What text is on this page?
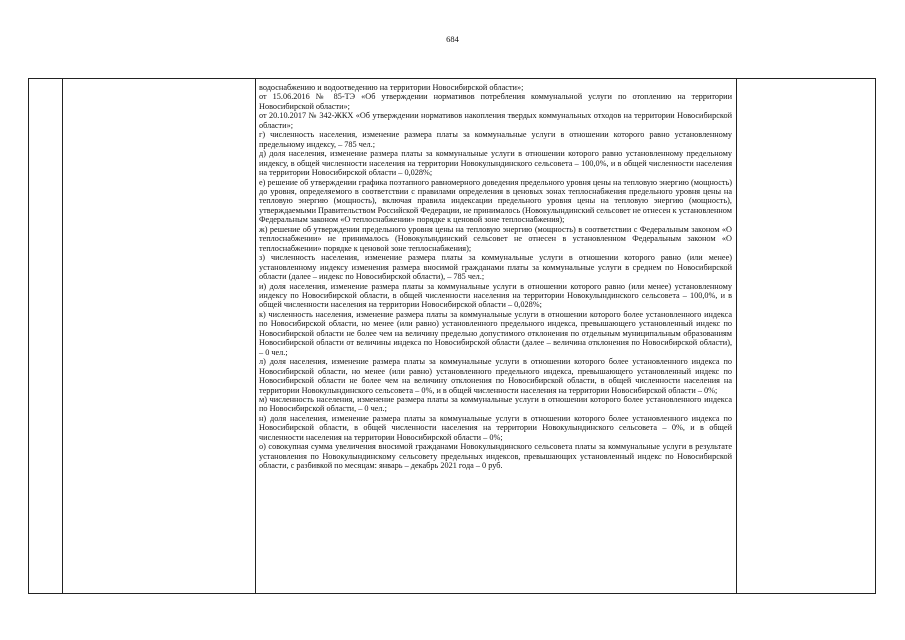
684

водоснабжению и водоотведению на территории Новосибирской области»;

от 15.06.2016 № 85-ТЭ «Об утверждении нормативов потребления коммунальной услуги по отоплению на территории Новосибирской области»;

от 20.10.2017 № 342-ЖКХ «Об утверждении нормативов накопления твердых коммунальных отходов на территории Новосибирской области»;

г) численность населения, изменение размера платы за коммунальные услуги в отношении которого равно установленному предельному индексу, – 785 чел.;

д) доля населения, изменение размера платы за коммунальные услуги в отношении которого равно установленному предельному индексу, в общей численности населения на территории Новокулындинского сельсовета – 100,0%, и в общей численности населения на территории Новосибирской области – 0,028%;

е) решение об утверждении графика поэтапного равномерного доведения предельного уровня цены на тепловую энергию (мощность) до уровня, определяемого в соответствии с правилами определения в ценовых зонах теплоснабжения предельного уровня цены на тепловую энергию (мощность), включая правила индексации предельного уровня цены на тепловую энергию (мощность), утверждаемыми Правительством Российской Федерации, не принималось (Новокулындинский сельсовет не отнесен к установленном Федеральным законом «О теплоснабжении» порядке к ценовой зоне теплоснабжения);

ж) решение об утверждении предельного уровня цены на тепловую энергию (мощность) в соответствии с Федеральным законом «О теплоснабжении» не принималось (Новокулындинский сельсовет не отнесен в установленном Федеральным законом «О теплоснабжении» порядке к ценовой зоне теплоснабжения);

з) численность населения, изменение размера платы за коммунальные услуги в отношении которого равно (или менее) установленному индексу изменения размера вносимой гражданами платы за коммунальные услуги в среднем по Новосибирской области (далее – индекс по Новосибирской области), – 785 чел.;

и) доля населения, изменение размера платы за коммунальные услуги в отношении которого равно (или менее) установленному индексу по Новосибирской области, в общей численности населения на территории Новокулындинского сельсовета – 100,0%, и в общей численности населения на территории Новосибирской области – 0,028%;

к) численность населения, изменение размера платы за коммунальные услуги в отношении которого более установленного индекса по Новосибирской области, но менее (или равно) установленного предельного индекса, превышающего установленный индекс по Новосибирской области не более чем на величину предельно допустимого отклонения по отдельным муниципальным образованиям Новосибирской области от величины индекса по Новосибирской области (далее – величина отклонения по Новосибирской области), – 0 чел.;

л) доля населения, изменение размера платы за коммунальные услуги в отношении которого более установленного индекса по Новосибирской области, но менее (или равно) установленного предельного индекса, превышающего установленный индекс по Новосибирской области не более чем на величину отклонения по Новосибирской области, в общей численности населения на территории Новокулындинского сельсовета – 0%, и в общей численности населения на территории Новосибирской области – 0%;

м) численность населения, изменение размера платы за коммунальные услуги в отношении которого более установленного индекса по Новосибирской области, – 0 чел.;

н) доля населения, изменение размера платы за коммунальные услуги в отношении которого более установленного индекса по Новосибирской области, в общей численности населения на территории Новокулындинского сельсовета – 0%, и в общей численности населения на территории Новосибирской области – 0%;

о) совокупная сумма увеличения вносимой гражданами Новокулындинского сельсовета платы за коммунальные услуги в результате установления по Новокулындинскому сельсовету предельных индексов, превышающих установленный индекс по Новосибирской области, с разбивкой по месяцам: январь – декабрь 2021 года – 0 руб.
